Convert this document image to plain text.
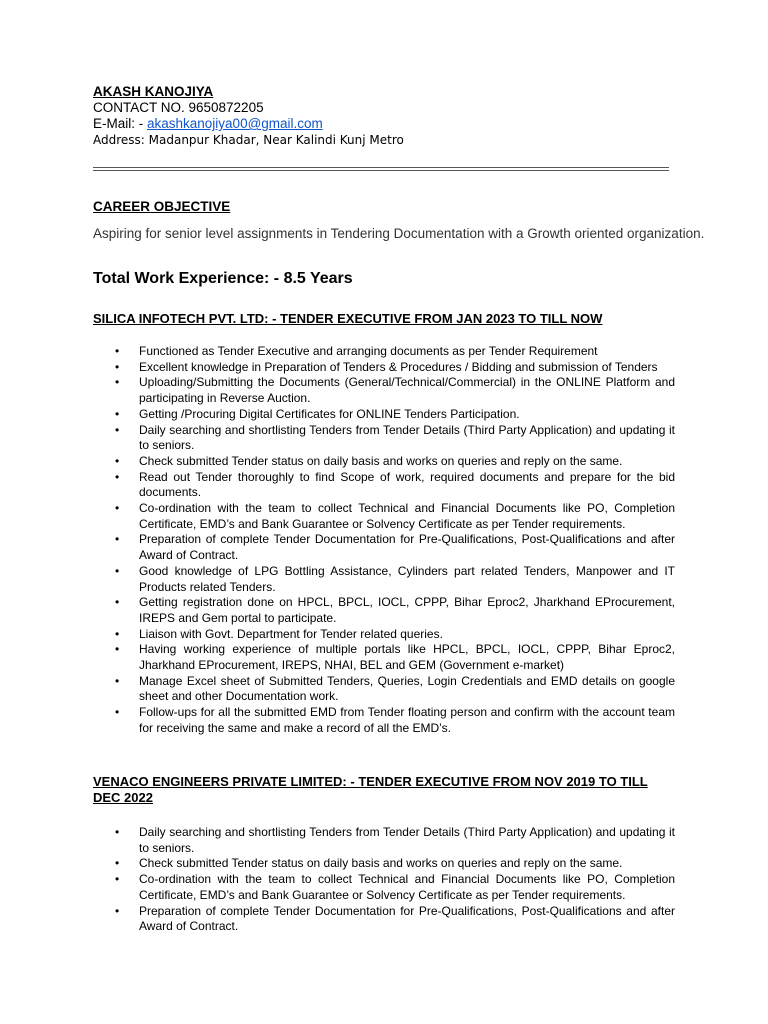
AKASH KANOJIYA
CONTACT NO. 9650872205
E-Mail: - akashkanojiya00@gmail.com
Address: Madanpur Khadar, Near Kalindi Kunj Metro
CAREER OBJECTIVE
Aspiring for senior level assignments in Tendering Documentation with a Growth oriented organization.
Total Work Experience: - 8.5 Years
SILICA INFOTECH PVT. LTD: - TENDER EXECUTIVE FROM JAN 2023 TO TILL NOW
• Functioned as Tender Executive and arranging documents as per Tender Requirement
• Excellent knowledge in Preparation of Tenders & Procedures / Bidding and submission of Tenders
• Uploading/Submitting the Documents (General/Technical/Commercial) in the ONLINE Platform and participating in Reverse Auction.
• Getting /Procuring Digital Certificates for ONLINE Tenders Participation.
• Daily searching and shortlisting Tenders from Tender Details (Third Party Application) and updating it to seniors.
• Check submitted Tender status on daily basis and works on queries and reply on the same.
• Read out Tender thoroughly to find Scope of work, required documents and prepare for the bid documents.
• Co-ordination with the team to collect Technical and Financial Documents like PO, Completion Certificate, EMD’s and Bank Guarantee or Solvency Certificate as per Tender requirements.
• Preparation of complete Tender Documentation for Pre-Qualifications, Post-Qualifications and after Award of Contract.
• Good knowledge of LPG Bottling Assistance, Cylinders part related Tenders, Manpower and IT Products related Tenders.
• Getting registration done on HPCL, BPCL, IOCL, CPPP, Bihar Eproc2, Jharkhand EProcurement, IREPS and Gem portal to participate.
• Liaison with Govt. Department for Tender related queries.
• Having working experience of multiple portals like HPCL, BPCL, IOCL, CPPP, Bihar Eproc2, Jharkhand EProcurement, IREPS, NHAI, BEL and GEM (Government e-market)
• Manage Excel sheet of Submitted Tenders, Queries, Login Credentials and EMD details on google sheet and other Documentation work.
• Follow-ups for all the submitted EMD from Tender floating person and confirm with the account team for receiving the same and make a record of all the EMD’s.
VENACO ENGINEERS PRIVATE LIMITED: - TENDER EXECUTIVE FROM NOV 2019 TO TILL DEC 2022
• Daily searching and shortlisting Tenders from Tender Details (Third Party Application) and updating it to seniors.
• Check submitted Tender status on daily basis and works on queries and reply on the same.
• Co-ordination with the team to collect Technical and Financial Documents like PO, Completion Certificate, EMD’s and Bank Guarantee or Solvency Certificate as per Tender requirements.
• Preparation of complete Tender Documentation for Pre-Qualifications, Post-Qualifications and after Award of Contract.
